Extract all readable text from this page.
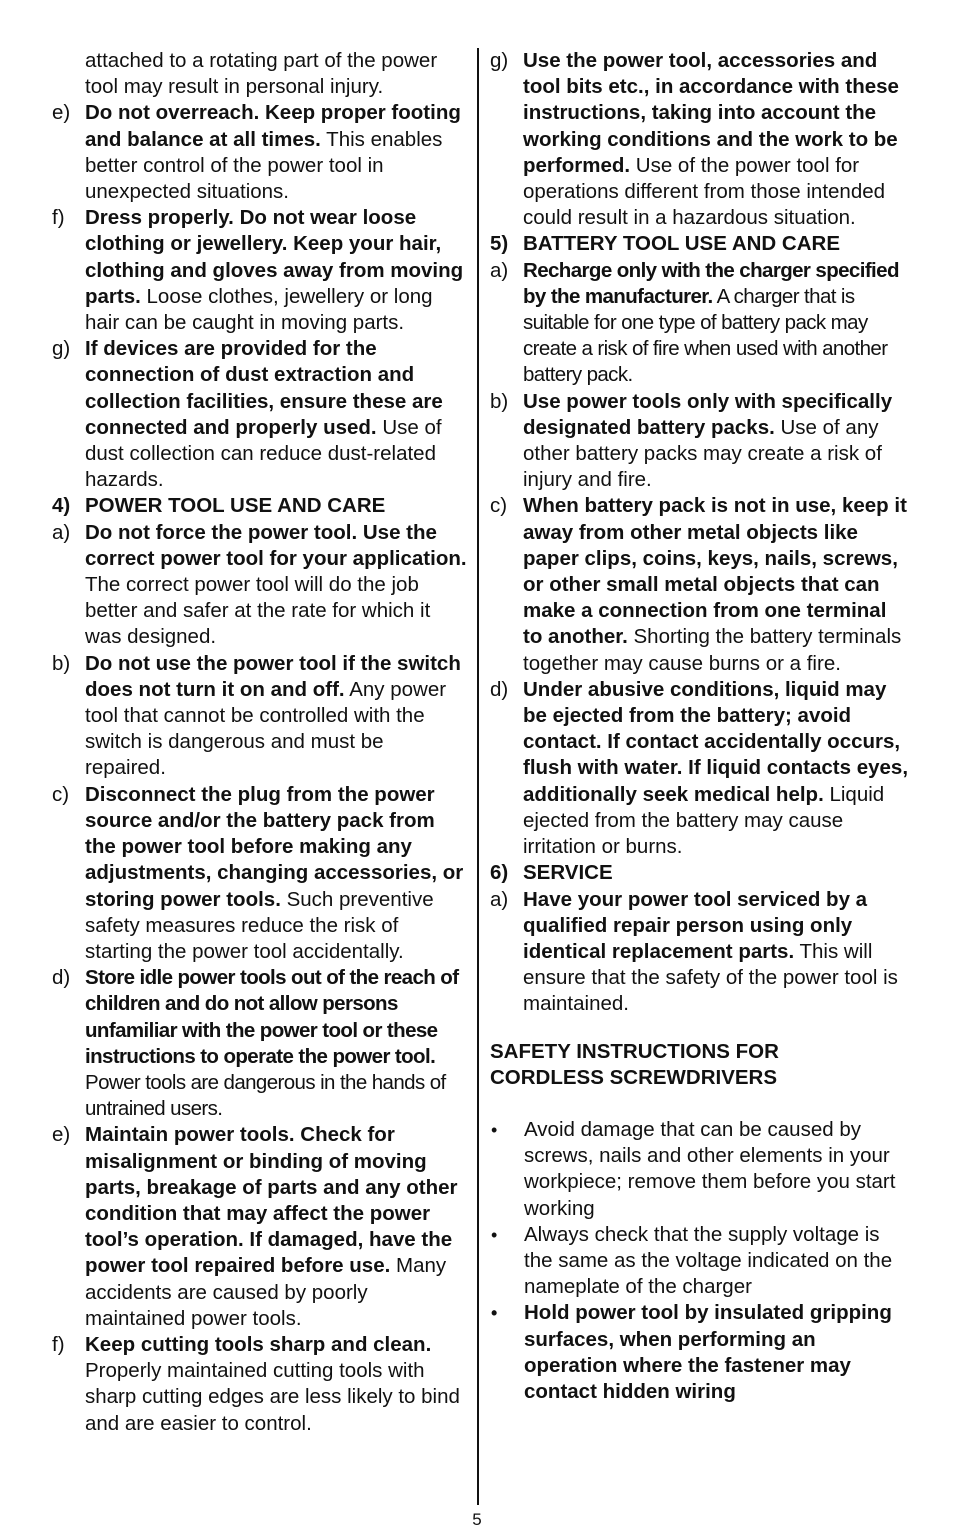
attached to a rotating part of the power tool may result in personal injury.
e) Do not overreach. Keep proper footing and balance at all times. This enables better control of the power tool in unexpected situations.
f) Dress properly. Do not wear loose clothing or jewellery. Keep your hair, clothing and gloves away from moving parts. Loose clothes, jewellery or long hair can be caught in moving parts.
g) If devices are provided for the connection of dust extraction and collection facilities, ensure these are connected and properly used. Use of dust collection can reduce dust-related hazards.
4) POWER TOOL USE AND CARE
a) Do not force the power tool. Use the correct power tool for your application. The correct power tool will do the job better and safer at the rate for which it was designed.
b) Do not use the power tool if the switch does not turn it on and off. Any power tool that cannot be controlled with the switch is dangerous and must be repaired.
c) Disconnect the plug from the power source and/or the battery pack from the power tool before making any adjustments, changing accessories, or storing power tools. Such preventive safety measures reduce the risk of starting the power tool accidentally.
d) Store idle power tools out of the reach of children and do not allow persons unfamiliar with the power tool or these instructions to operate the power tool. Power tools are dangerous in the hands of untrained users.
e) Maintain power tools. Check for misalignment or binding of moving parts, breakage of parts and any other condition that may affect the power tool’s operation. If damaged, have the power tool repaired before use. Many accidents are caused by poorly maintained power tools.
f) Keep cutting tools sharp and clean. Properly maintained cutting tools with sharp cutting edges are less likely to bind and are easier to control.
g) Use the power tool, accessories and tool bits etc., in accordance with these instructions, taking into account the working conditions and the work to be performed. Use of the power tool for operations different from those intended could result in a hazardous situation.
5) BATTERY TOOL USE AND CARE
a) Recharge only with the charger specified by the manufacturer. A charger that is suitable for one type of battery pack may create a risk of fire when used with another battery pack.
b) Use power tools only with specifically designated battery packs. Use of any other battery packs may create a risk of injury and fire.
c) When battery pack is not in use, keep it away from other metal objects like paper clips, coins, keys, nails, screws, or other small metal objects that can make a connection from one terminal to another. Shorting the battery terminals together may cause burns or a fire.
d) Under abusive conditions, liquid may be ejected from the battery; avoid contact. If contact accidentally occurs, flush with water. If liquid contacts eyes, additionally seek medical help. Liquid ejected from the battery may cause irritation or burns.
6) SERVICE
a) Have your power tool serviced by a qualified repair person using only identical replacement parts. This will ensure that the safety of the power tool is maintained.
SAFETY INSTRUCTIONS FOR
CORDLESS SCREWDRIVERS
•	Avoid damage that can be caused by screws, nails and other elements in your workpiece; remove them before you start working
•	Always check that the supply voltage is the same as the voltage indicated on the nameplate of the charger
•	Hold power tool by insulated gripping surfaces, when performing an operation where the fastener may contact hidden wiring
5
